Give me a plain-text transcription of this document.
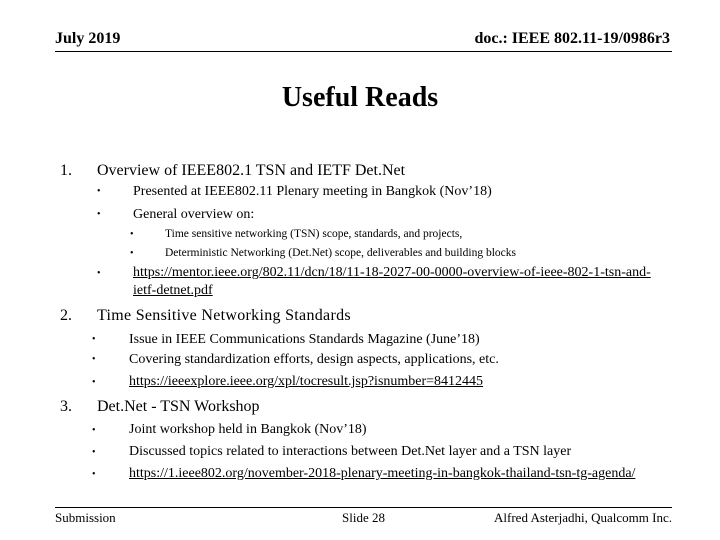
July 2019	doc.: IEEE 802.11-19/0986r3
Useful Reads
1. Overview of IEEE802.1 TSN and IETF Det.Net
• Presented at IEEE802.11 Plenary meeting in Bangkok (Nov’18)
• General overview on:
•	Time sensitive networking (TSN) scope, standards, and projects,
•	Deterministic Networking (Det.Net) scope, deliverables and building blocks
• https://mentor.ieee.org/802.11/dcn/18/11-18-2027-00-0000-overview-of-ieee-802-1-tsn-and-
ietf-detnet.pdf
2. Time Sensitive Networking Standards
• Issue in IEEE Communications Standards Magazine (June’18)
• Covering standardization efforts, design aspects, applications, etc.
• https://ieeexplore.ieee.org/xpl/tocresult.jsp?isnumber=8412445
3. Det.Net - TSN Workshop
• Joint workshop held in Bangkok (Nov’18)
• Discussed topics related to interactions between Det.Net layer and a TSN layer
• https://1.ieee802.org/november-2018-plenary-meeting-in-bangkok-thailand-tsn-tg-agenda/
Submission	Slide 28	Alfred Asterjadhi, Qualcomm Inc.
